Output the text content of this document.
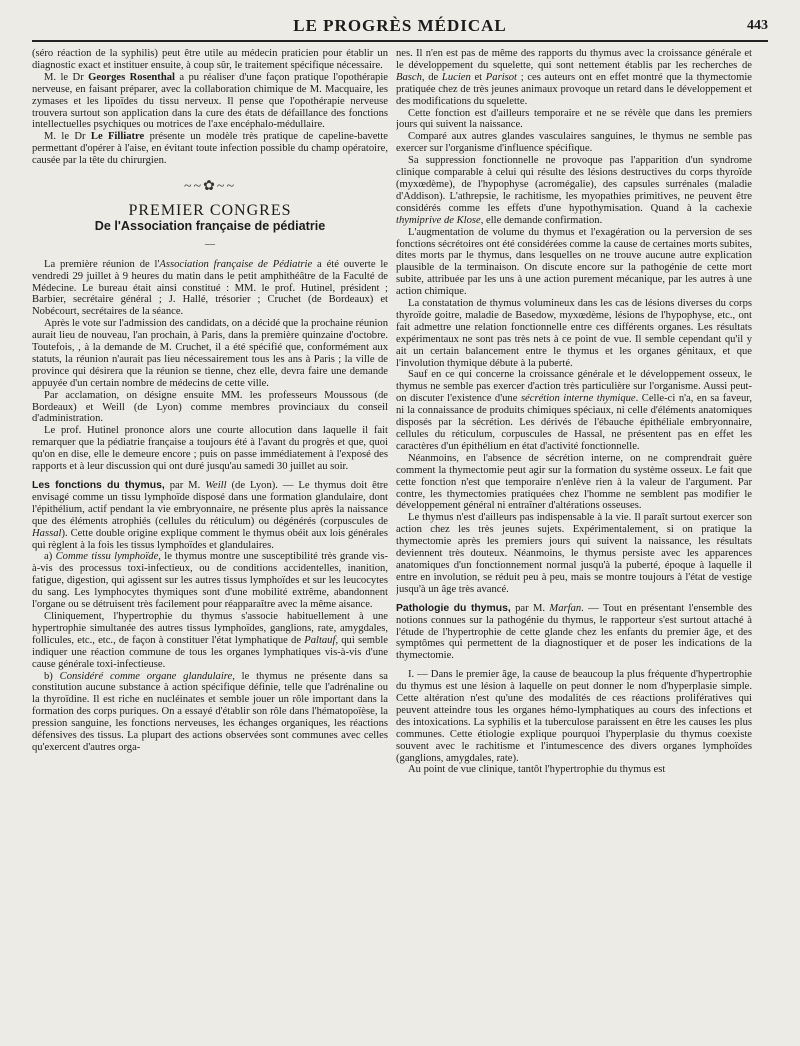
LE PROGRÈS MÉDICAL	443

(séro réaction de la syphilis) peut être utile au médecin praticien pour établir un diagnostic exact et instituer ensuite, à coup sûr, le traitement spécifique nécessaire.

M. le Dr Georges Rosenthal a pu réaliser d'une façon pratique l'opothérapie nerveuse, en faisant préparer, avec la collaboration chimique de M. Macquaire, les zymases et les lipoïdes du tissu nerveux. Il pense que l'opothérapie nerveuse trouvera surtout son application dans la cure des états de défaillance des fonctions intellectuelles psychiques ou motrices de l'axe encéphalo-médullaire.

M. le Dr Le Filliatre présente un modèle très pratique de capeline-bavette permettant d'opérer à l'aise, en évitant toute infection possible du champ opératoire, causée par la tête du chirurgien.

~~✿~~
PREMIER CONGRES
De l'Association française de pédiatrie
—

La première réunion de l'Association française de Pédiatrie a été ouverte le vendredi 29 juillet à 9 heures du matin dans le petit amphithéâtre de la Faculté de Médecine. Le bureau était ainsi constitué : MM. le prof. Hutinel, président ; Barbier, secrétaire général ; J. Hallé, trésorier ; Cruchet (de Bordeaux) et Nobécourt, secrétaires de la séance.

Après le vote sur l'admission des candidats, on a décidé que la prochaine réunion aurait lieu de nouveau, l'an prochain, à Paris, dans la première quinzaine d'octobre. Toutefois, , à la demande de M. Cruchet, il a été spécifié que, conformément aux statuts, la réunion n'aurait pas lieu nécessairement tous les ans à Paris ; la ville de province qui désirera que la réunion se tienne, chez elle, devra faire une demande appuyée d'un certain nombre de médecins de cette ville.

Par acclamation, on désigne ensuite MM. les professeurs Moussous (de Bordeaux) et Weill (de Lyon) comme membres provinciaux du conseil d'administration.

Le prof. Hutinel prononce alors une courte allocution dans laquelle il fait remarquer que la pédiatrie française a toujours été à l'avant du progrès et que, quoi qu'on en dise, elle le demeure encore ; puis on passe immédiatement à l'exposé des rapports et à leur discussion qui ont duré jusqu'au samedi 30 juillet au soir.

Les fonctions du thymus, par M. Weill (de Lyon). — Le thymus doit être envisagé comme un tissu lymphoïde disposé dans une formation glandulaire, dont l'épithélium, actif pendant la vie embryonnaire, ne présente plus après la naissance que des éléments atrophiés (cellules du réticulum) ou dégénérés (corpuscules de Hassal). Cette double origine explique comment le thymus obéit aux lois générales qui règlent à la fois les tissus lymphoïdes et glandulaires.

a) Comme tissu lymphoïde, le thymus montre une susceptibilité très grande vis-à-vis des processus toxi-infectieux, ou de conditions accidentelles, inanition, fatigue, digestion, qui agissent sur les autres tissus lymphoïdes et sur les leucocytes du sang. Les lymphocytes thymiques sont d'une mobilité extrême, abandonnent l'organe ou se détruisent très facilement pour réapparaître avec la même aisance.

Cliniquement, l'hypertrophie du thymus s'associe habituellement à une hypertrophie simultanée des autres tissus lymphoïdes, ganglions, rate, amygdales, follicules, etc., etc., de façon à constituer l'état lymphatique de Paltauf, qui semble indiquer une réaction commune de tous les organes lymphatiques vis-à-vis d'une cause générale toxi-infectieuse.

b) Considéré comme organe glandulaire, le thymus ne présente dans sa constitution aucune substance à action spécifique définie, telle que l'adrénaline ou la thyroïdine. Il est riche en nucléinates et semble jouer un rôle important dans la formation des corps puriques. On a essayé d'établir son rôle dans l'hématopoïèse, la pression sanguine, les fonctions nerveuses, les échanges organiques, les réactions défensives des tissus. La plupart des actions observées sont communes avec celles qu'exercent d'autres orga-

nes. Il n'en est pas de même des rapports du thymus avec la croissance générale et le développement du squelette, qui sont nettement établis par les recherches de Basch, de Lucien et Parisot ; ces auteurs ont en effet montré que la thymectomie pratiquée chez de très jeunes animaux provoque un retard dans le développement et des modifications du squelette.

Cette fonction est d'ailleurs temporaire et ne se révèle que dans les premiers jours qui suivent la naissance.

Comparé aux autres glandes vasculaires sanguines, le thymus ne semble pas exercer sur l'organisme d'influence spécifique.

Sa suppression fonctionnelle ne provoque pas l'apparition d'un syndrome clinique comparable à celui qui résulte des lésions destructives du corps thyroïde (myxœdème), de l'hypophyse (acromégalie), des capsules surrénales (maladie d'Addison). L'athrepsie, le rachitisme, les myopathies primitives, ne peuvent être considérés comme les effets d'une hypothymisation. Quand à la cachexie thymiprive de Klose, elle demande confirmation.

L'augmentation de volume du thymus et l'exagération ou la perversion de ses fonctions sécrétoires ont été considérées comme la cause de certaines morts subites, dites morts par le thymus, dans lesquelles on ne trouve aucune autre explication plausible de la terminaison. On discute encore sur la pathogénie de cette mort subite, attribuée par les uns à une action purement mécanique, par les autres à une action chimique.

La constatation de thymus volumineux dans les cas de lésions diverses du corps thyroïde goitre, maladie de Basedow, myxœdème, lésions de l'hypophyse, etc., ont fait admettre une relation fonctionnelle entre ces différents organes. Les résultats expérimentaux ne sont pas très nets à ce point de vue. Il semble cependant qu'il y ait un certain balancement entre le thymus et les organes génitaux, et que l'involution thymique débute à la puberté.

Sauf en ce qui concerne la croissance générale et le développement osseux, le thymus ne semble pas exercer d'action très particulière sur l'organisme. Aussi peut-on discuter l'existence d'une sécrétion interne thymique. Celle-ci n'a, en sa faveur, ni la connaissance de produits chimiques spéciaux, ni celle d'éléments anatomiques disposés par la sécrétion. Les dérivés de l'ébauche épithéliale embryonnaire, cellules du réticulum, corpuscules de Hassal, ne présentent pas en effet les caractères d'un épithélium en état d'activité fonctionnelle.

Néanmoins, en l'absence de sécrétion interne, on ne comprendrait guère comment la thymectomie peut agir sur la formation du système osseux. Le fait que cette fonction n'est que temporaire n'enlève rien à la valeur de l'argument. Par contre, les thymectomies pratiquées chez l'homme ne semblent pas modifier le développement général ni entraîner d'altérations osseuses.

Le thymus n'est d'ailleurs pas indispensable à la vie. Il paraît surtout exercer son action chez les très jeunes sujets. Expérimentalement, si on pratique la thymectomie après les premiers jours qui suivent la naissance, les résultats deviennent très douteux. Néanmoins, le thymus persiste avec les apparences anatomiques d'un fonctionnement normal jusqu'à la puberté, époque à laquelle il entre en involution, se réduit peu à peu, mais se montre toujours à l'état de vestige jusqu'à un âge très avancé.

Pathologie du thymus, par M. Marfan. — Tout en présentant l'ensemble des notions connues sur la pathogénie du thymus, le rapporteur s'est surtout attaché à l'étude de l'hypertrophie de cette glande chez les enfants du premier âge, et des symptômes qui permettent de la diagnostiquer et de poser les indications de la thymectomie.

I. — Dans le premier âge, la cause de beaucoup la plus fréquente d'hypertrophie du thymus est une lésion à laquelle on peut donner le nom d'hyperplasie simple. Cette altération n'est qu'une des modalités de ces réactions prolifératives qui peuvent atteindre tous les organes hémo-lymphatiques au cours des infections et des intoxications. La syphilis et la tuberculose paraissent en être les causes les plus communes. Cette étiologie explique pourquoi l'hyperplasie du thymus coexiste souvent avec le rachitisme et l'intumescence des divers organes lymphoïdes (ganglions, amygdales, rate).

Au point de vue clinique, tantôt l'hypertrophie du thymus est
